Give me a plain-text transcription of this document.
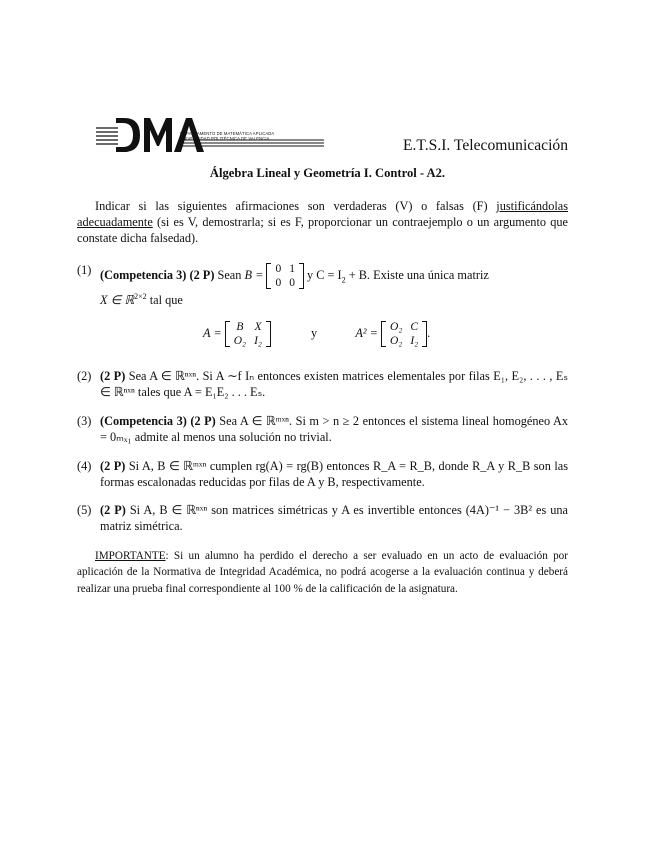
DEPARTAMENTO DE MATEMÁTICA APLICADA
UNIVERSIDAD POLITÉCNICA DE VALENCIA	E.T.S.I. Telecomunicación
Álgebra Lineal y Geometría I. Control - A2.
Indicar si las siguientes afirmaciones son verdaderas (V) o falsas (F) justificándolas adecuadamente (si es V, demostrarla; si es F, proporcionar un contraejemplo o un argumento que constate dicha falsedad).
(1) (Competencia 3) (2 P) Sean B = 0	1
0	0
y $C = I_2 + B$. Existe una única matriz
X ∈ ℝ$^{2\times 2}$ tal que
A = B	X
O₂	I₂
y	A² = O₂	C
O₂	I₂
.
(2) (2 P) Sea A ∈ ℝⁿˣⁿ. Si A ∼f Iₙ entonces existen matrices elementales por filas E₁, E₂, . . . , Eₛ ∈ ℝⁿˣⁿ tales que A = E₁E₂ . . . Eₛ.
(3) (Competencia 3) (2 P) Sea A ∈ ℝᵐˣⁿ. Si m > n ≥ 2 entonces el sistema lineal homogéneo Ax = 0ₘₓ₁ admite al menos una solución no trivial.
(4) (2 P) Si A, B ∈ ℝᵐˣⁿ cumplen rg(A) = rg(B) entonces R_A = R_B, donde R_A y R_B son las formas escalonadas reducidas por filas de A y B, respectivamente.
(5) (2 P) Si A, B ∈ ℝⁿˣⁿ son matrices simétricas y A es invertible entonces (4A)⁻¹ − 3B² es una matriz simétrica.
IMPORTANTE: Si un alumno ha perdido el derecho a ser evaluado en un acto de evaluación por aplicación de la Normativa de Integridad Académica, no podrá acogerse a la evaluación continua y deberá realizar una prueba final correspondiente al 100 % de la calificación de la asignatura.
